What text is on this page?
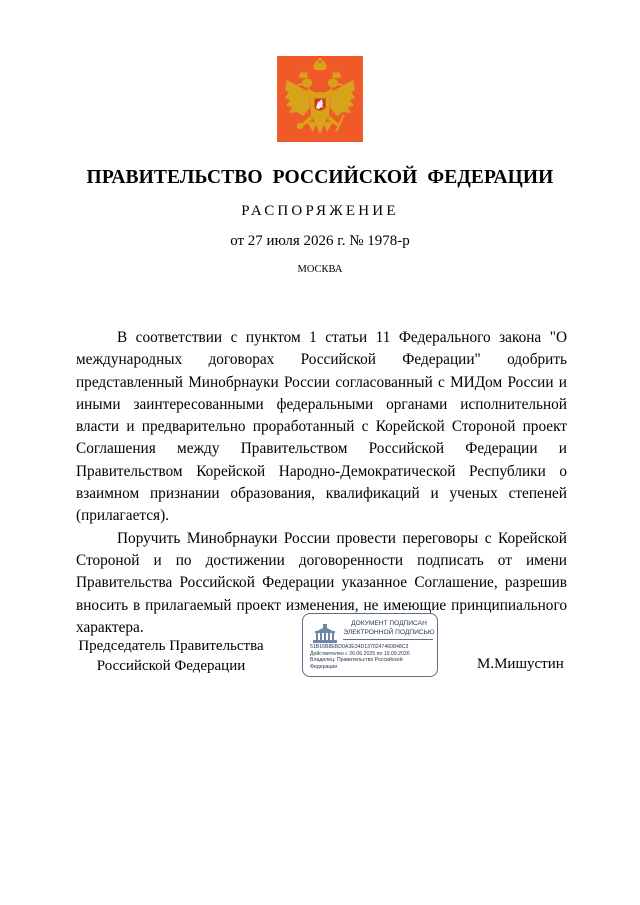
ПРАВИТЕЛЬСТВО РОССИЙСКОЙ ФЕДЕРАЦИИ
РАСПОРЯЖЕНИЕ
от 27 июля 2026 г. № 1978-р
МОСКВА

В соответствии с пунктом 1 статьи 11 Федерального закона "О международных договорах Российской Федерации" одобрить представленный Минобрнауки России согласованный с МИДом России и иными заинтересованными федеральными органами исполнительной власти и предварительно проработанный с Корейской Стороной проект Соглашения между Правительством Российской Федерации и Правительством Корейской Народно-Демократической Республики о взаимном признании образования, квалификаций и ученых степеней (прилагается).

Поручить Минобрнауки России провести переговоры с Корейской Стороной и по достижении договоренности подписать от имени Правительства Российской Федерации указанное Соглашение, разрешив вносить в прилагаемый проект изменения, не имеющие принципиального характера.

Председатель Правительства
Российской Федерации
ДОКУМЕНТ ПОДПИСАН
ЭЛЕКТРОННОЙ ПОДПИСЬЮ
51B16B8EBD0A3E34D1370247460848C3
Действителен с 26.06.2025 по 19.09.2026
Владелец: Правительство Российской
Федерации	М.Мишустин
